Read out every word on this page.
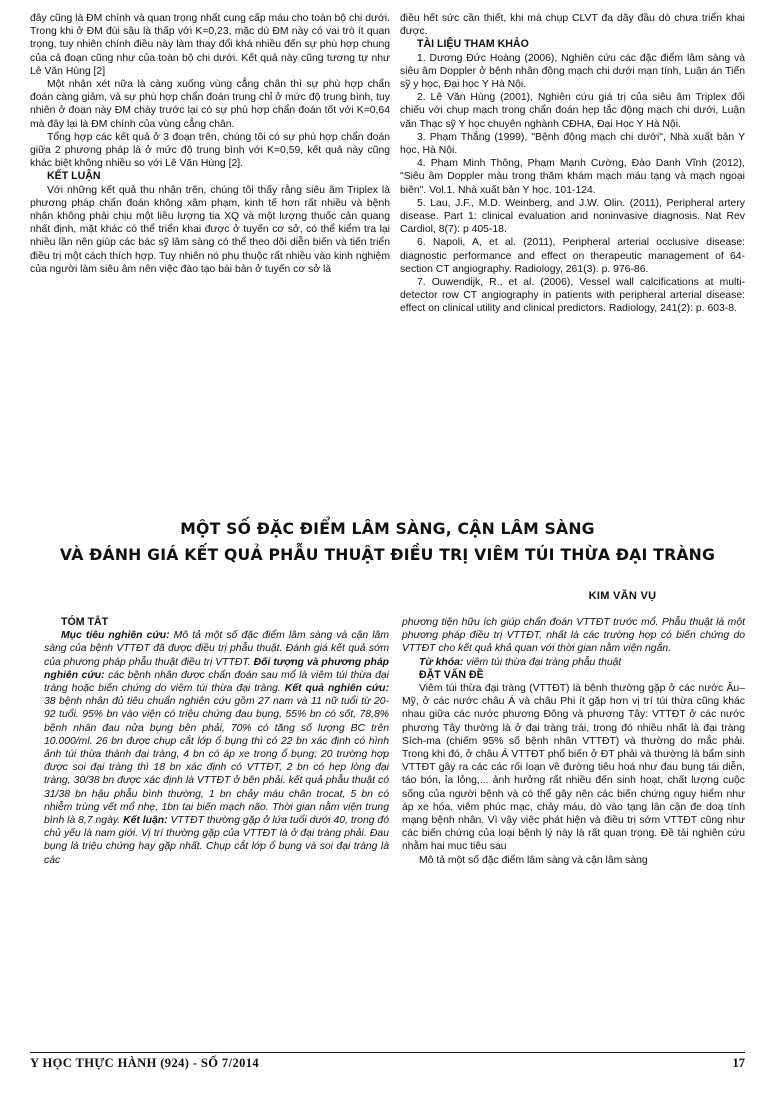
đây cũng là ĐM chính và quan trọng nhất cung cấp máu cho toàn bộ chi dưới. Trong khi ở ĐM đùi sâu là thấp với K=0,23, mặc dù ĐM này có vai trò ít quan trọng, tuy nhiên chính điều này làm thay đổi khá nhiều đến sự phù hợp chung của cả đoạn cũng như của toàn bộ chi dưới. Kết quả này cũng tương tự như Lê Văn Hùng [2]

Một nhận xét nữa là càng xuống vùng cẳng chân thì sự phù hợp chẩn đoán càng giảm, và sự phù hợp chẩn đoán trung chỉ ở mức độ trung bình, tuy nhiên ở đoạn này ĐM chày trước lại có sự phù hợp chẩn đoán tốt với K=0,64 mà đây lại là ĐM chính của vùng cẳng chân.

Tổng hợp các kết quả ở 3 đoạn trên, chúng tôi có sự phù hợp chẩn đoán giữa 2 phương pháp là ở mức độ trung bình với K=0,59, kết quả này cũng khác biệt không nhiều so với Lê Văn Hùng [2].

KẾT LUẬN

Với những kết quả thu nhận trên, chúng tôi thấy rằng siêu âm Triplex là phương pháp chẩn đoán không xâm phạm, kinh tế hơn rất nhiều và bệnh nhân không phải chịu một liều lượng tia XQ và một lượng thuốc cản quang nhất định, mặt khác có thể triển khai được ở tuyến cơ sở, có thể kiểm tra lại nhiều lần nên giúp các bác sỹ lâm sàng có thể theo dõi diễn biến và tiến triển điều trị một cách thích hợp. Tuy nhiên nó phụ thuộc rất nhiều vào kinh nghiệm của người làm siêu âm nên việc đào tạo bài bản ở tuyến cơ sở là

điều hết sức cần thiết, khi mà chụp CLVT đa dãy đầu dò chưa triển khai được.

TÀI LIỆU THAM KHẢO

1. Dương Đức Hoàng (2006), Nghiên cứu các đặc điểm lâm sàng và siêu âm Doppler ở bệnh nhân động mạch chi dưới mạn tính, Luận án Tiến sỹ y học, Đại học Y Hà Nội.

2. Lê Văn Hùng (2001), Nghiên cứu giá trị của siêu âm Triplex đối chiếu với chụp mạch trong chẩn đoán hẹp tắc động mạch chi dưới, Luận văn Thạc sỹ Y học chuyên nghành CĐHA, Đại Học Y Hà Nội.

3. Phạm Thắng (1999), "Bệnh động mạch chi dưới", Nhà xuất bản Y học, Hà Nội.

4. Phạm Minh Thông, Phạm Mạnh Cường, Đào Danh Vĩnh (2012), "Siêu âm Doppler màu trong thăm khám mạch máu tạng và mạch ngoại biên". Vol.1. Nhà xuất bản Y học. 101-124.

5. Lau, J.F., M.D. Weinberg, and J.W. Olin. (2011), Peripheral artery disease. Part 1: clinical evaluation and noninvasive diagnosis. Nat Rev Cardiol, 8(7): p 405-18.

6. Napoli, A, et al. (2011), Peripheral arterial occlusive disease: diagnostic performance and effect on therapeutic management of 64-section CT angiography. Radiology, 261(3). p. 976-86.

7. Ouwendijk, R., et al. (2006), Vessel wall calcifications at multi-detector row CT angiography in patients with peripheral arterial disease: effect on clinical utility and clinical predictors. Radiology, 241(2): p. 603-8.

MỘT SỐ ĐẶC ĐIỂM LÂM SÀNG, CẬN LÂM SÀNG
VÀ ĐÁNH GIÁ KẾT QUẢ PHẪU THUẬT ĐIỀU TRỊ VIÊM TÚI THỪA ĐẠI TRÀNG
KIM VĂN VỤ
TÓM TẮT

Mục tiêu nghiên cứu: Mô tả một số đặc điểm lâm sàng và cận lâm sàng của bệnh VTTĐT đã được điều trị phẫu thuật. Đánh giá kết quả sớm của phương pháp phẫu thuật điều trị VTTĐT. Đối tượng và phương pháp nghiên cứu: các bệnh nhân được chẩn đoán sau mổ là viêm túi thừa đại tràng hoặc biến chứng do viêm túi thừa đại tràng. Kết quả nghiên cứu: 38 bệnh nhân đủ tiêu chuẩn nghiên cứu gồm 27 nam và 11 nữ tuổi từ 20-92 tuổi. 95% bn vào viện có triệu chứng đau bụng, 55% bn có sốt, 78,8% bệnh nhân đau nửa bụng bên phải, 70% có tăng số lượng BC trên 10.000/ml. 26 bn được chụp cắt lớp ổ bụng thì có 22 bn xác định có hình ảnh túi thừa thành đại tràng, 4 bn có áp xe trong ổ bụng; 20 trường hợp được soi đại tràng thì 18 bn xác định có VTTĐT, 2 bn có hẹp lòng đại tràng, 30/38 bn được xác định là VTTĐT ở bên phải. kết quả phẫu thuật có 31/38 bn hậu phẫu bình thường, 1 bn chảy máu chân trocat, 5 bn có nhiễm trùng vết mổ nhẹ, 1bn tai biến mạch não. Thời gian nằm viện trung bình là 8,7 ngày. Kết luận: VTTĐT thường gặp ở lứa tuổi dưới 40, trong đó chủ yếu là nam giới. Vị trí thường gặp của VTTĐT là ở đại tràng phải. Đau bụng là triệu chứng hay gặp nhất. Chụp cắt lớp ổ bụng và soi đại tràng là các

phương tiện hữu ích giúp chẩn đoán VTTĐT trước mổ. Phẫu thuật là một phương pháp điều trị VTTĐT, nhất là các trường hợp có biến chứng do VTTĐT cho kết quả khả quan với thời gian nằm viện ngắn.

Từ khóa: viêm túi thừa đại tràng phẫu thuật

ĐẶT VẤN ĐỀ

Viêm túi thừa đại tràng (VTTĐT) là bệnh thường gặp ở các nước Âu–Mỹ, ở các nước châu Á và châu Phi ít gặp hơn vị trí túi thừa cũng khác nhau giữa các nước phương Đông và phương Tây: VTTĐT ở các nước phương Tây thường là ở đại tràng trái, trong đó nhiều nhất là đại tràng Sích-ma (chiếm 95% số bệnh nhân VTTĐT) và thường do mắc phải. Trong khi đó, ở châu Á VTTĐT phổ biến ở ĐT phải và thường là bẩm sinh VTTĐT gây ra các các rối loạn về đường tiêu hoá như đau bụng tái diễn, táo bón, ỉa lỏng,... ảnh hưởng rất nhiều đến sinh hoạt, chất lượng cuộc sống của người bệnh và có thể gây nên các biến chứng nguy hiểm như áp xe hóa, viêm phúc mạc, chảy máu, dò vào tạng lân cận đe doạ tính mạng bệnh nhân. Vì vậy việc phát hiện và điều trị sớm VTTĐT cũng như các biến chứng của loại bệnh lý này là rất quan trọng. Đề tài nghiên cứu nhằm hai mục tiêu sau

Mô tả một số đặc điểm lâm sàng và cận lâm sàng

Y HỌC THỰC HÀNH (924) - SỐ 7/2014	17
